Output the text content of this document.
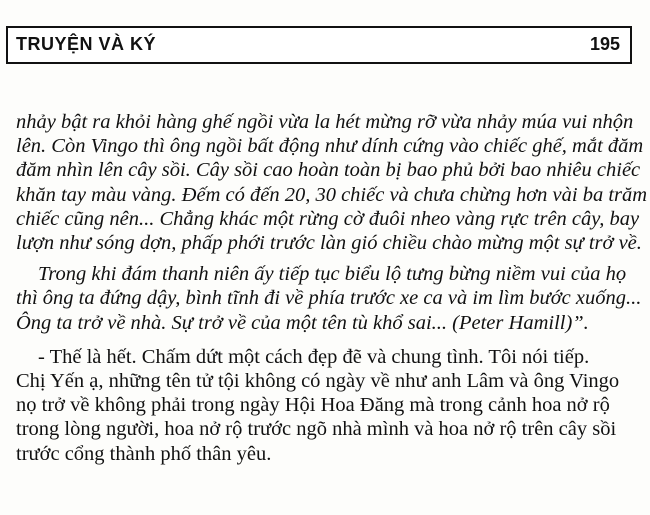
TRUYỆN VÀ KÝ	195
nhảy bật ra khỏi hàng ghế ngồi vừa la hét mừng rỡ vừa nhảy múa vui nhộn
lên. Còn Vingo thì ông ngồi bất động như dính cứng vào chiếc ghế, mắt đăm
đăm nhìn lên cây sồi. Cây sồi cao hoàn toàn bị bao phủ bởi bao nhiêu chiếc
khăn tay màu vàng. Đếm có đến 20, 30 chiếc và chưa chừng hơn vài ba trăm
chiếc cũng nên... Chẳng khác một rừng cờ đuôi nheo vàng rực trên cây, bay
lượn như sóng dợn, phấp phới trước làn gió chiều chào mừng một sự trở về.
Trong khi đám thanh niên ấy tiếp tục biểu lộ tưng bừng niềm vui của họ
thì ông ta đứng dậy, bình tĩnh đi về phía trước xe ca và im lìm bước xuống...
Ông ta trở về nhà. Sự trở về của một tên tù khổ sai... (Peter Hamill)”.
- Thế là hết. Chấm dứt một cách đẹp đẽ và chung tình. Tôi nói tiếp.
Chị Yến ạ, những tên tử tội không có ngày về như anh Lâm và ông Vingo
nọ trở về không phải trong ngày Hội Hoa Đăng mà trong cảnh hoa nở rộ
trong lòng người, hoa nở rộ trước ngõ nhà mình và hoa nở rộ trên cây sồi
trước cổng thành phố thân yêu.
